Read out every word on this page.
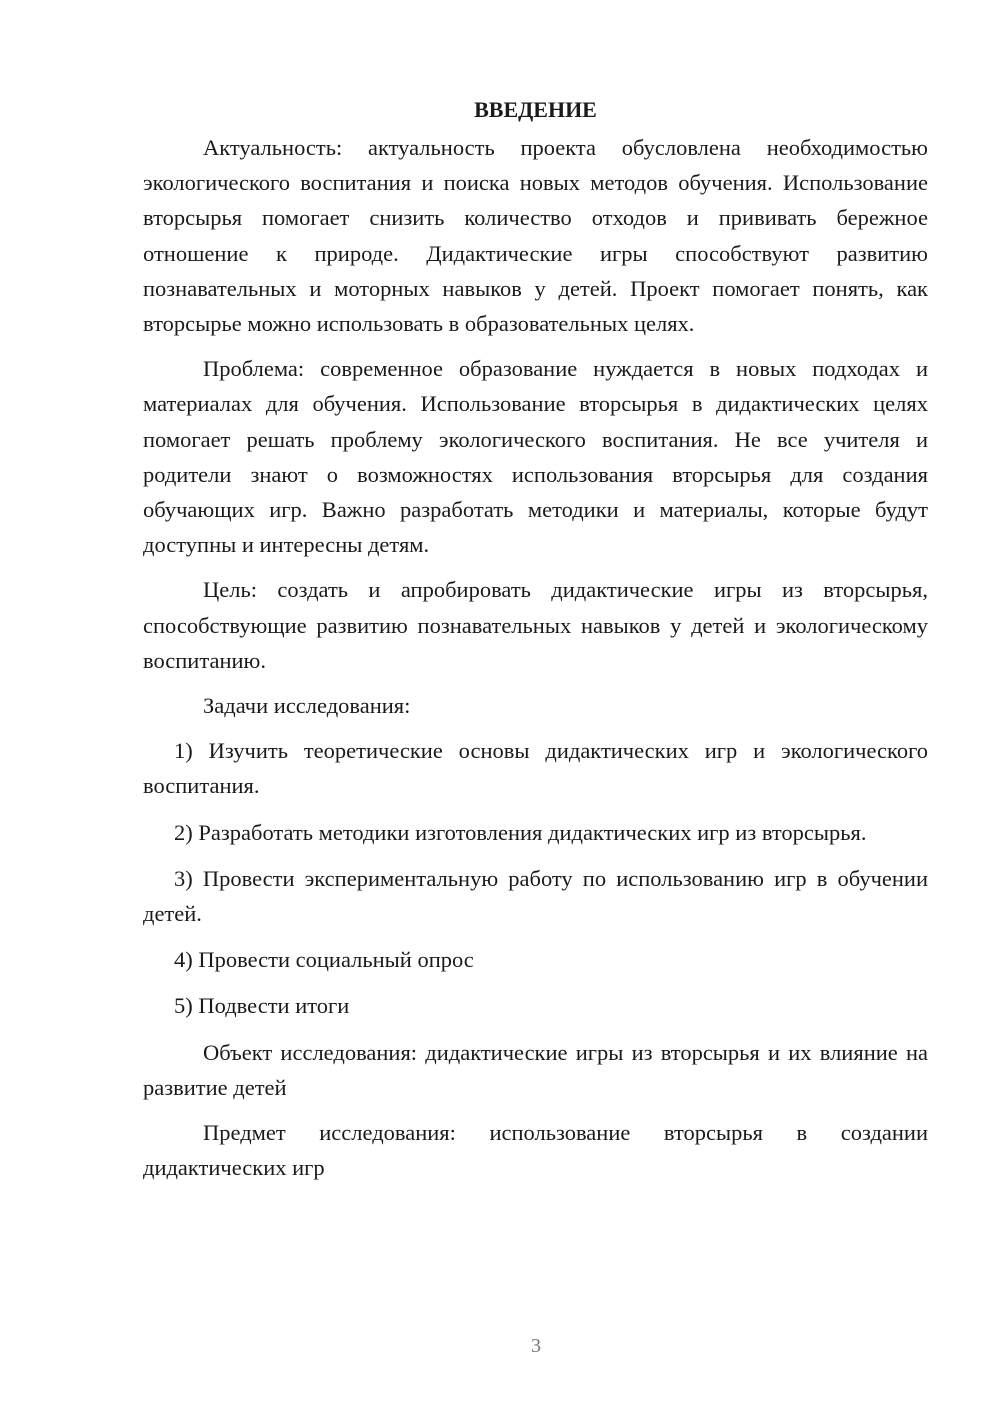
ВВЕДЕНИЕ

Актуальность: актуальность проекта обусловлена необходимостью экологического воспитания и поиска новых методов обучения. Использование вторсырья помогает снизить количество отходов и прививать бережное отношение к природе. Дидактические игры способствуют развитию познавательных и моторных навыков у детей. Проект помогает понять, как вторсырье можно использовать в образовательных целях.

Проблема: современное образование нуждается в новых подходах и материалах для обучения. Использование вторсырья в дидактических целях помогает решать проблему экологического воспитания. Не все учителя и родители знают о возможностях использования вторсырья для создания обучающих игр. Важно разработать методики и материалы, которые будут доступны и интересны детям.

Цель: создать и апробировать дидактические игры из вторсырья, способствующие развитию познавательных навыков у детей и экологическому воспитанию.

Задачи исследования:

1) Изучить теоретические основы дидактических игр и экологического воспитания.

2) Разработать методики изготовления дидактических игр из вторсырья.

3) Провести экспериментальную работу по использованию игр в обучении детей.

4) Провести социальный опрос

5) Подвести итоги

Объект исследования: дидактические игры из вторсырья и их влияние на развитие детей

Предмет исследования: использование вторсырья в создании дидактических игр

3
